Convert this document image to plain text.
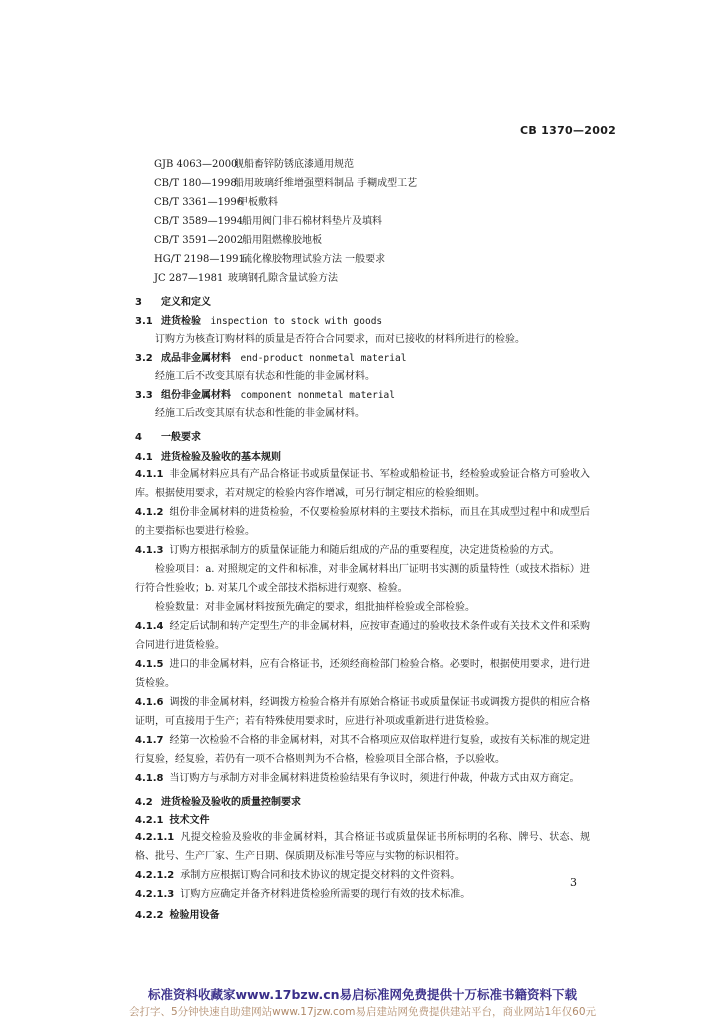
CB 1370—2002
GJB 4063—2000舰船畜锌防锈底漆通用规范
CB/T 180—1998船用玻璃纤维增强塑料制品 手糊成型工艺
CB/T 3361—1996甲板敷料
CB/T 3589—1994船用阀门非石棉材料垫片及填料
CB/T 3591—2002船用阻燃橡胶地板
HG/T 2198—1991硫化橡胶物理试验方法 一般要求
JC 287—1981 玻璃钢孔隙含量试验方法
3 定义和定义
3.1 进货检验 inspection to stock with goods
订购方为核查订购材料的质量是否符合合同要求，而对已接收的材料所进行的检验。
3.2 成品非金属材料 end-product nonmetal material
经施工后不改变其原有状态和性能的非金属材料。
3.3 组份非金属材料 component nonmetal material
经施工后改变其原有状态和性能的非金属材料。
4 一般要求
4.1 进货检验及验收的基本规则
4.1.1 非金属材料应具有产品合格证书或质量保证书、军检或船检证书，经检验或验证合格方可验收入库。根据使用要求，若对规定的检验内容作增减，可另行制定相应的检验细则。
4.1.2 组份非金属材料的进货检验，不仅要检验原材料的主要技术指标，而且在其成型过程中和成型后的主要指标也要进行检验。
4.1.3 订购方根据承制方的质量保证能力和随后组成的产品的重要程度，决定进货检验的方式。
检验项目：a. 对照规定的文件和标准，对非金属材料出厂证明书实测的质量特性（或技术指标）进行符合性验收；b. 对某几个或全部技术指标进行观察、检验。
检验数量：对非金属材料按预先确定的要求，组批抽样检验或全部检验。
4.1.4 经定后试制和转产定型生产的非金属材料，应按审查通过的验收技术条件或有关技术文件和采购合同进行进货检验。
4.1.5 进口的非金属材料，应有合格证书，还须经商检部门检验合格。必要时，根据使用要求，进行进货检验。
4.1.6 调拨的非金属材料，经调拨方检验合格并有原始合格证书或质量保证书或调拨方提供的相应合格证明，可直接用于生产；若有特殊使用要求时，应进行补项或重新进行进货检验。
4.1.7 经第一次检验不合格的非金属材料，对其不合格项应双倍取样进行复验，或按有关标准的规定进行复验，经复验，若仍有一项不合格则判为不合格，检验项目全部合格，予以验收。
4.1.8 当订购方与承制方对非金属材料进货检验结果有争议时，须进行仲裁，仲裁方式由双方商定。
4.2 进货检验及验收的质量控制要求
4.2.1 技术文件
4.2.1.1 凡提交检验及验收的非金属材料，其合格证书或质量保证书所标明的名称、牌号、状态、规格、批号、生产厂家、生产日期、保质期及标准号等应与实物的标识相符。
4.2.1.2 承制方应根据订购合同和技术协议的规定提交材料的文件资料。
4.2.1.3 订购方应确定并备齐材料进货检验所需要的现行有效的技术标准。
4.2.2 检验用设备
3
标准资料收藏家www.17bzw.cn易启标准网免费提供十万标准书籍资料下载
会打字、5分钟快速自助建网站www.17jzw.com易启建站网免费提供建站平台，商业网站1年仅60元
